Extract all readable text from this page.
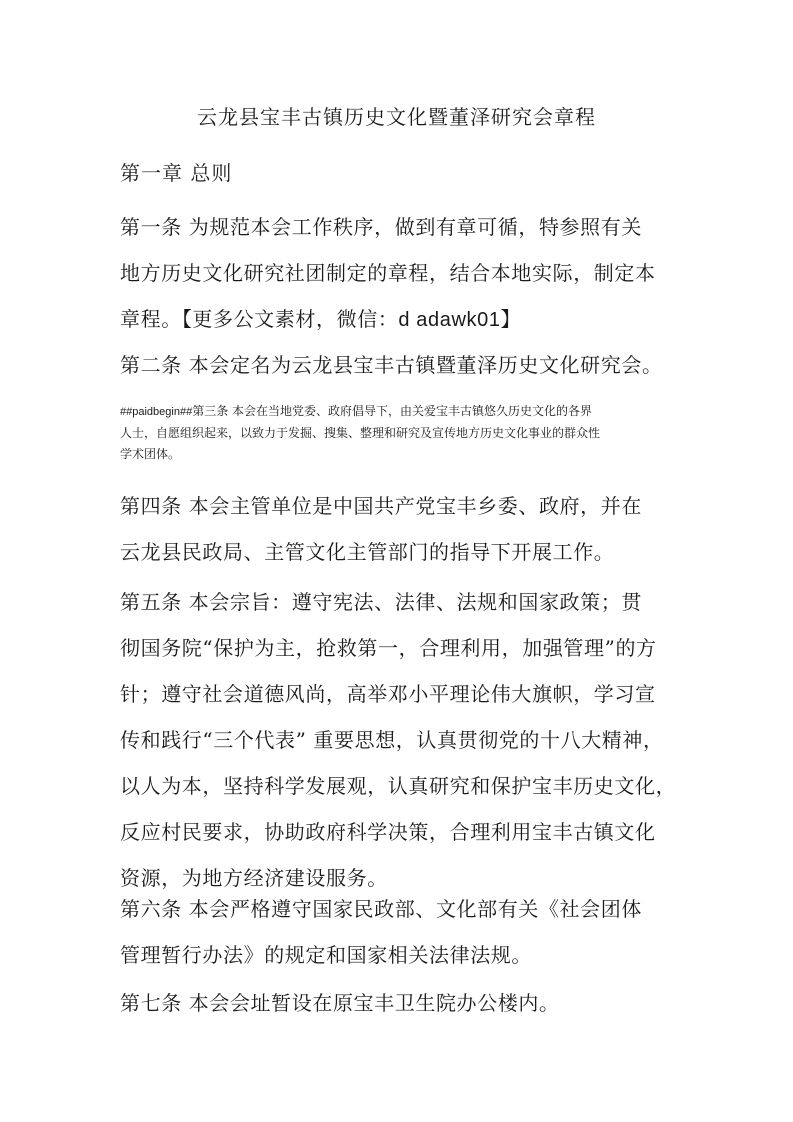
云龙县宝丰古镇历史文化暨董泽研究会章程
第一章 总则
第一条 为规范本会工作秩序，做到有章可循，特参照有关
地方历史文化研究社团制定的章程，结合本地实际，制定本
章程。【更多公文素材，微信：d adawk01】
第二条 本会定名为云龙县宝丰古镇暨董泽历史文化研究会。
##paidbegin##第三条 本会在当地党委、政府倡导下，由关爱宝丰古镇悠久历史文化的各界
人士，自愿组织起来，以致力于发掘、搜集、整理和研究及宣传地方历史文化事业的群众性
学术团体。
第四条 本会主管单位是中国共产党宝丰乡委、政府，并在
云龙县民政局、主管文化主管部门的指导下开展工作。
第五条 本会宗旨：遵守宪法、法律、法规和国家政策；贯
彻国务院“保护为主，抢救第一，合理利用，加强管理”的方
针；遵守社会道德风尚，高举邓小平理论伟大旗帜，学习宣
传和践行“三个代表” 重要思想，认真贯彻党的十八大精神，
以人为本，坚持科学发展观，认真研究和保护宝丰历史文化，
反应村民要求，协助政府科学决策，合理利用宝丰古镇文化
资源，为地方经济建设服务。
第六条 本会严格遵守国家民政部、文化部有关《社会团体
管理暂行办法》的规定和国家相关法律法规。
第七条 本会会址暂设在原宝丰卫生院办公楼内。
